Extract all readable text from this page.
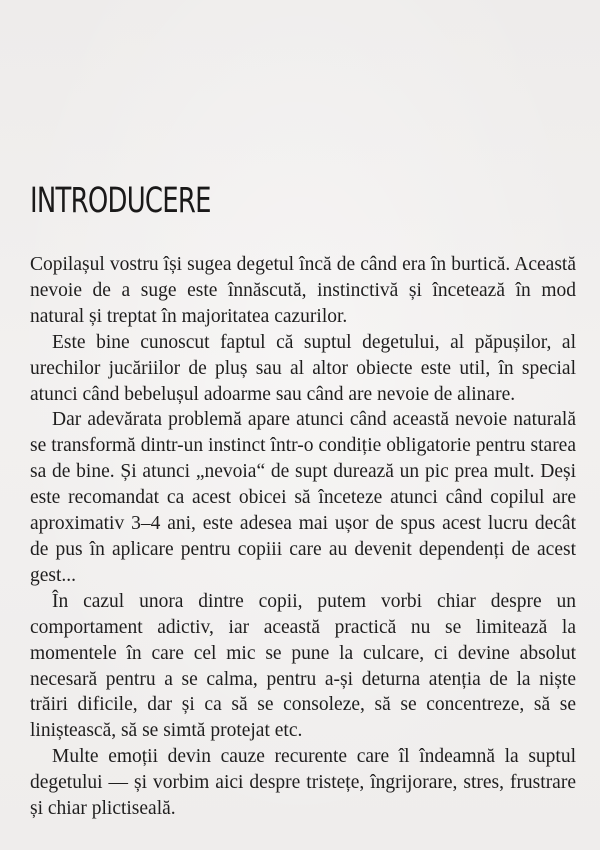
INTRODUCERE

Copilașul vostru își sugea degetul încă de când era în burtică. Această nevoie de a suge este înnăscută, instinctivă și încetează în mod natural și treptat în majoritatea cazurilor.

Este bine cunoscut faptul că suptul degetului, al păpușilor, al urechilor jucăriilor de pluș sau al altor obiecte este util, în special atunci când bebelușul adoarme sau când are nevoie de alinare.

Dar adevărata problemă apare atunci când această nevoie naturală se transformă dintr-un instinct într-o condiție obligatorie pentru starea sa de bine. Și atunci „nevoia“ de supt durează un pic prea mult. Deși este recomandat ca acest obicei să înceteze atunci când copilul are aproximativ 3–4 ani, este adesea mai ușor de spus acest lucru decât de pus în aplicare pentru copiii care au devenit dependenți de acest gest...

În cazul unora dintre copii, putem vorbi chiar despre un comportament adictiv, iar această practică nu se limitează la momentele în care cel mic se pune la culcare, ci devine absolut necesară pentru a se calma, pentru a-și deturna atenția de la niște trăiri dificile, dar și ca să se consoleze, să se concentreze, să se liniștească, să se simtă protejat etc.

Multe emoții devin cauze recurente care îl îndeamnă la suptul degetului — și vorbim aici despre tristețe, îngrijorare, stres, frustrare și chiar plictiseală.
